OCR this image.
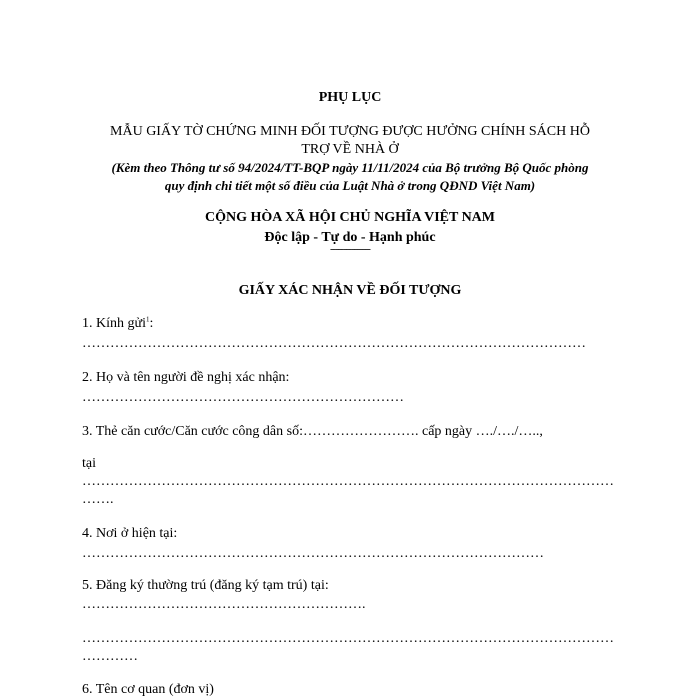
PHỤ LỤC
MẪU GIẤY TỜ CHỨNG MINH ĐỐI TƯỢNG ĐƯỢC HƯỞNG CHÍNH SÁCH HỖ
TRỢ VỀ NHÀ Ở
(Kèm theo Thông tư số 94/2024/TT-BQP ngày 11/11/2024 của Bộ trưởng Bộ Quốc phòng
quy định chi tiết một số điều của Luật Nhà ở trong QĐND Việt Nam)
CỘNG HÒA XÃ HỘI CHỦ NGHĨA VIỆT NAM
Độc lập - Tự do - Hạnh phúc
---------------
GIẤY XÁC NHẬN VỀ ĐỐI TƯỢNG
1. Kính gửi$^1$:
………………………………………………………………………………………………
2. Họ và tên người đề nghị xác nhận:
……………………………………………………………
3. Thẻ căn cước/Căn cước công dân số:……………………. cấp ngày …./…./…..,
tại
……………………………………………………………………………………………………
…….
4. Nơi ở hiện tại:
………………………………………………………………………………………
5. Đăng ký thường trú (đăng ký tạm trú) tại:
…………………………………………………….
……………………………………………………………………………………………………
…………
6. Tên cơ quan (đơn vị)
